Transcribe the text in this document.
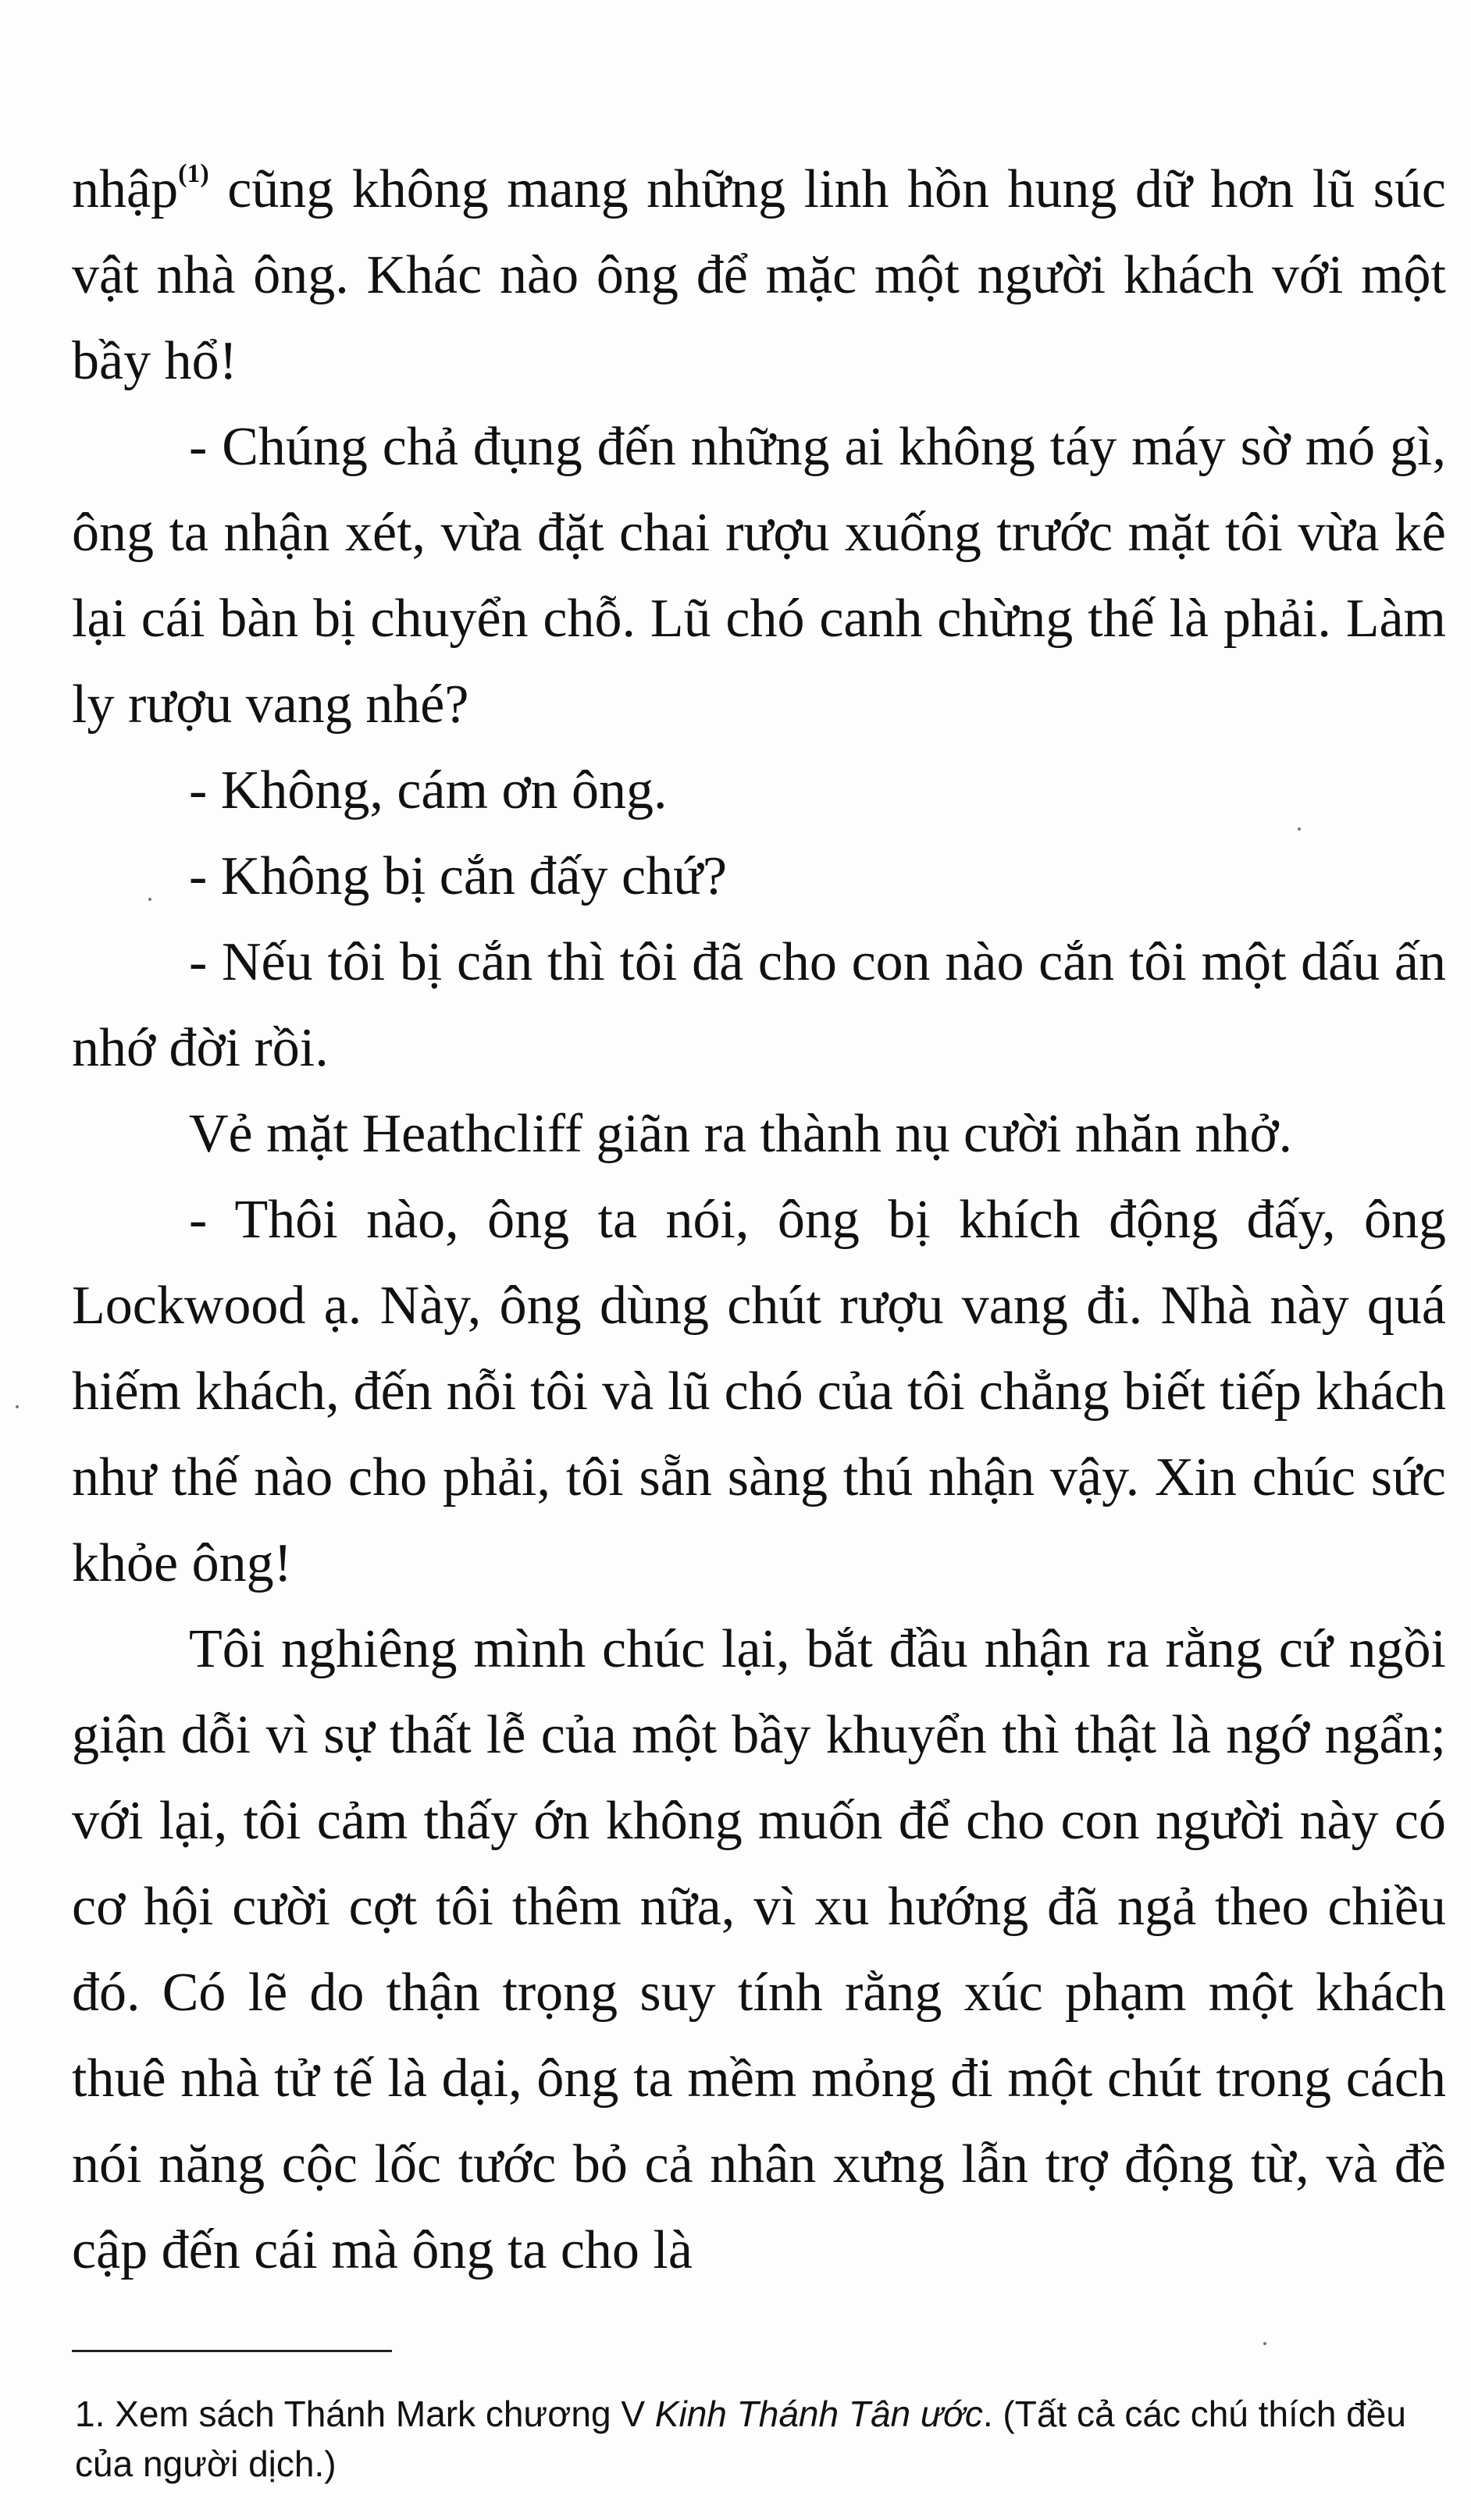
nhập$^{(1)}$ cũng không mang những linh hồn hung dữ hơn lũ súc vật nhà ông. Khác nào ông để mặc một người khách với một bầy hổ!

- Chúng chả đụng đến những ai không táy máy sờ mó gì, ông ta nhận xét, vừa đặt chai rượu xuống trước mặt tôi vừa kê lại cái bàn bị chuyển chỗ. Lũ chó canh chừng thế là phải. Làm ly rượu vang nhé?

- Không, cám ơn ông.

- Không bị cắn đấy chứ?

- Nếu tôi bị cắn thì tôi đã cho con nào cắn tôi một dấu ấn nhớ đời rồi.

Vẻ mặt Heathcliff giãn ra thành nụ cười nhăn nhở.

- Thôi nào, ông ta nói, ông bị khích động đấy, ông Lockwood ạ. Này, ông dùng chút rượu vang đi. Nhà này quá hiếm khách, đến nỗi tôi và lũ chó của tôi chẳng biết tiếp khách như thế nào cho phải, tôi sẵn sàng thú nhận vậy. Xin chúc sức khỏe ông!

Tôi nghiêng mình chúc lại, bắt đầu nhận ra rằng cứ ngồi giận dỗi vì sự thất lễ của một bầy khuyển thì thật là ngớ ngẩn; với lại, tôi cảm thấy ớn không muốn để cho con người này có cơ hội cười cợt tôi thêm nữa, vì xu hướng đã ngả theo chiều đó. Có lẽ do thận trọng suy tính rằng xúc phạm một khách thuê nhà tử tế là dại, ông ta mềm mỏng đi một chút trong cách nói năng cộc lốc tước bỏ cả nhân xưng lẫn trợ động từ, và đề cập đến cái mà ông ta cho là

1. Xem sách Thánh Mark chương V Kinh Thánh Tân ước. (Tất cả các chú thích đều của người dịch.)
